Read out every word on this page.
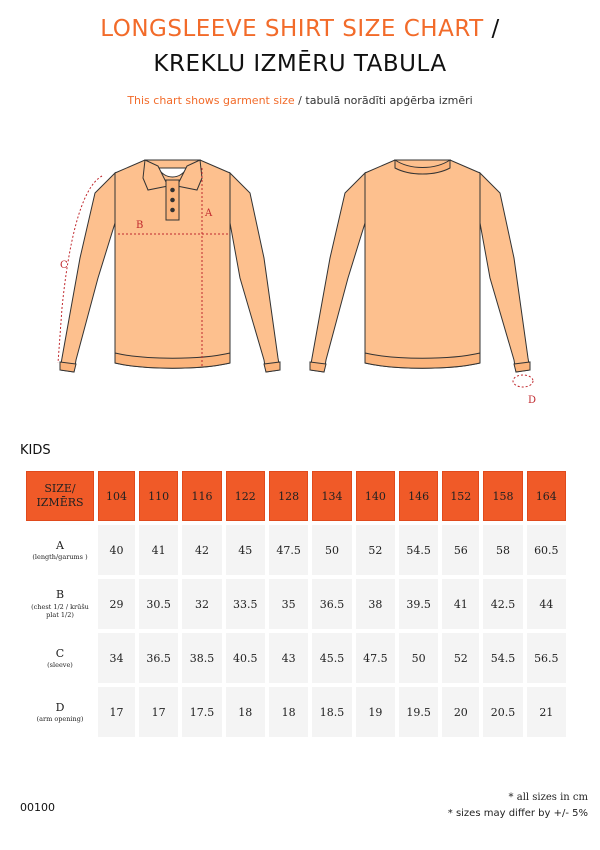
LONGSLEEVE SHIRT SIZE CHART /
KREKLU IZMĒRU TABULA
This chart shows garment size / tabulā norādīti apģērba izmēri
B
A
C
D
KIDS
SIZE/
IZMĒRS	104	110	116	122	128	134	140	146	152	158	164

A
(length/garums )	40	41	42	45	47.5	50	52	54.5	56	58	60.5

B
(chest 1/2 / krūšu plat 1/2)	29	30.5	32	33.5	35	36.5	38	39.5	41	42.5	44

C
(sleeve)	34	36.5	38.5	40.5	43	45.5	47.5	50	52	54.5	56.5

D
(arm opening)	17	17	17.5	18	18	18.5	19	19.5	20	20.5	21
00100
* all sizes in cm
* sizes may differ by +/- 5%
